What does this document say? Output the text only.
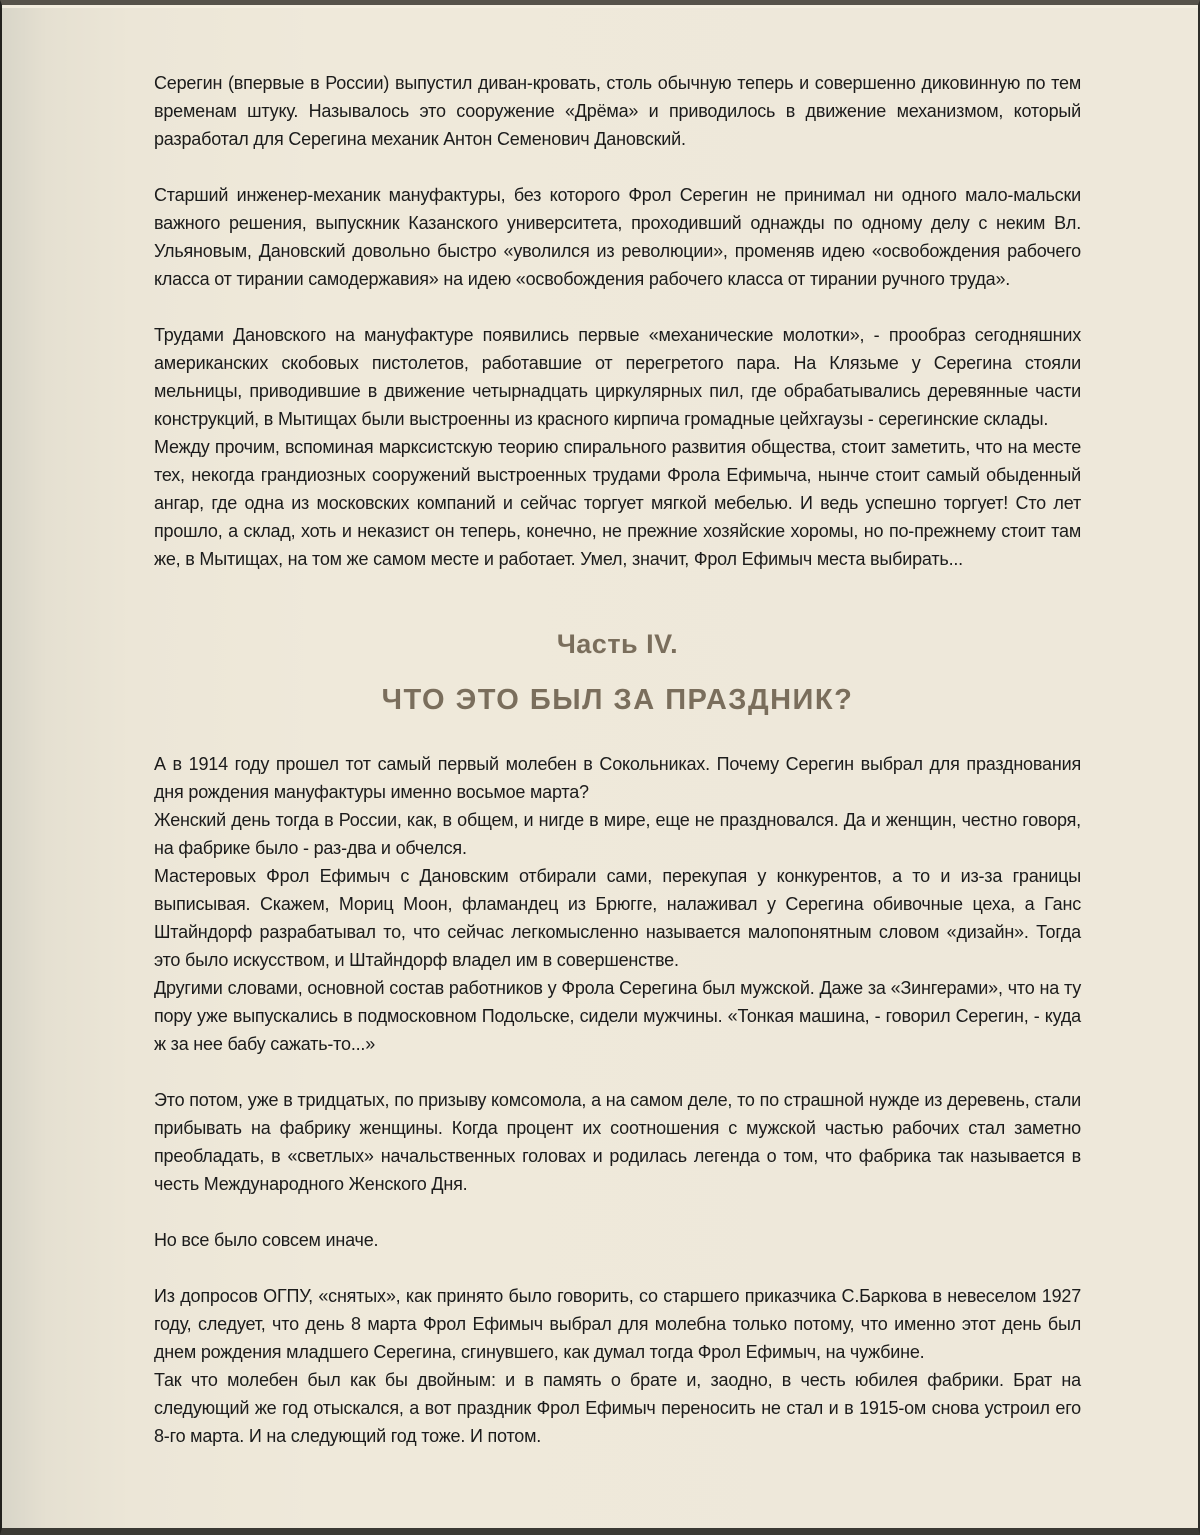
Серегин (впервые в России) выпустил диван-кровать, столь обычную теперь и совершенно диковинную по тем временам штуку. Называлось это сооружение «Дрёма» и приводилось в движение механизмом, который разработал для Серегина механик Антон Семенович Дановский.

Старший инженер-механик мануфактуры, без которого Фрол Серегин не принимал ни одного мало-мальски важного решения, выпускник Казанского университета, проходивший однажды по одному делу с неким Вл. Ульяновым, Дановский довольно быстро «уволился из революции», променяв идею «освобождения рабочего класса от тирании самодержавия» на идею «освобождения рабочего класса от тирании ручного труда».

Трудами Дановского на мануфактуре появились первые «механические молотки», - прообраз сегодняшних американских скобовых пистолетов, работавшие от перегретого пара. На Клязьме у Серегина стояли мельницы, приводившие в движение четырнадцать циркулярных пил, где обрабатывались деревянные части конструкций, в Мытищах были выстроенны из красного кирпича громадные цейхгаузы - серегинские склады.

Между прочим, вспоминая марксистскую теорию спирального развития общества, стоит заметить, что на месте тех, некогда грандиозных сооружений выстроенных трудами Фрола Ефимыча, нынче стоит самый обыденный ангар, где одна из московских компаний и сейчас торгует мягкой мебелью. И ведь успешно торгует! Сто лет прошло, а склад, хоть и неказист он теперь, конечно, не прежние хозяйские хоромы, но по-прежнему стоит там же, в Мытищах, на том же самом месте и работает. Умел, значит, Фрол Ефимыч места выбирать...

Часть IV.
ЧТО ЭТО БЫЛ ЗА ПРАЗДНИК?

А в 1914 году прошел тот самый первый молебен в Сокольниках. Почему Серегин выбрал для празднования дня рождения мануфактуры именно восьмое марта?

Женский день тогда в России, как, в общем, и нигде в мире, еще не праздновался. Да и женщин, честно говоря, на фабрике было - раз-два и обчелся.

Мастеровых Фрол Ефимыч с Дановским отбирали сами, перекупая у конкурентов, а то и из-за границы выписывая. Скажем, Мориц Моон, фламандец из Брюгге, налаживал у Серегина обивочные цеха, а Ганс Штайндорф разрабатывал то, что сейчас легкомысленно называется малопонятным словом «дизайн». Тогда это было искусством, и Штайндорф владел им в совершенстве.

Другими словами, основной состав работников у Фрола Серегина был мужской. Даже за «Зингерами», что на ту пору уже выпускались в подмосковном Подольске, сидели мужчины. «Тонкая машина, - говорил Серегин, - куда ж за нее бабу сажать-то...»

Это потом, уже в тридцатых, по призыву комсомола, а на самом деле, то по страшной нужде из деревень, стали прибывать на фабрику женщины. Когда процент их соотношения с мужской частью рабочих стал заметно преобладать, в «светлых» начальственных головах и родилась легенда о том, что фабрика так называется в честь Международного Женского Дня.

Но все было совсем иначе.

Из допросов ОГПУ, «снятых», как принято было говорить, со старшего приказчика С.Баркова в невеселом 1927 году, следует, что день 8 марта Фрол Ефимыч выбрал для молебна только потому, что именно этот день был днем рождения младшего Серегина, сгинувшего, как думал тогда Фрол Ефимыч, на чужбине.

Так что молебен был как бы двойным: и в память о брате и, заодно, в честь юбилея фабрики. Брат на следующий же год отыскался, а вот праздник Фрол Ефимыч переносить не стал и в 1915-ом снова устроил его 8-го марта. И на следующий год тоже. И потом.
